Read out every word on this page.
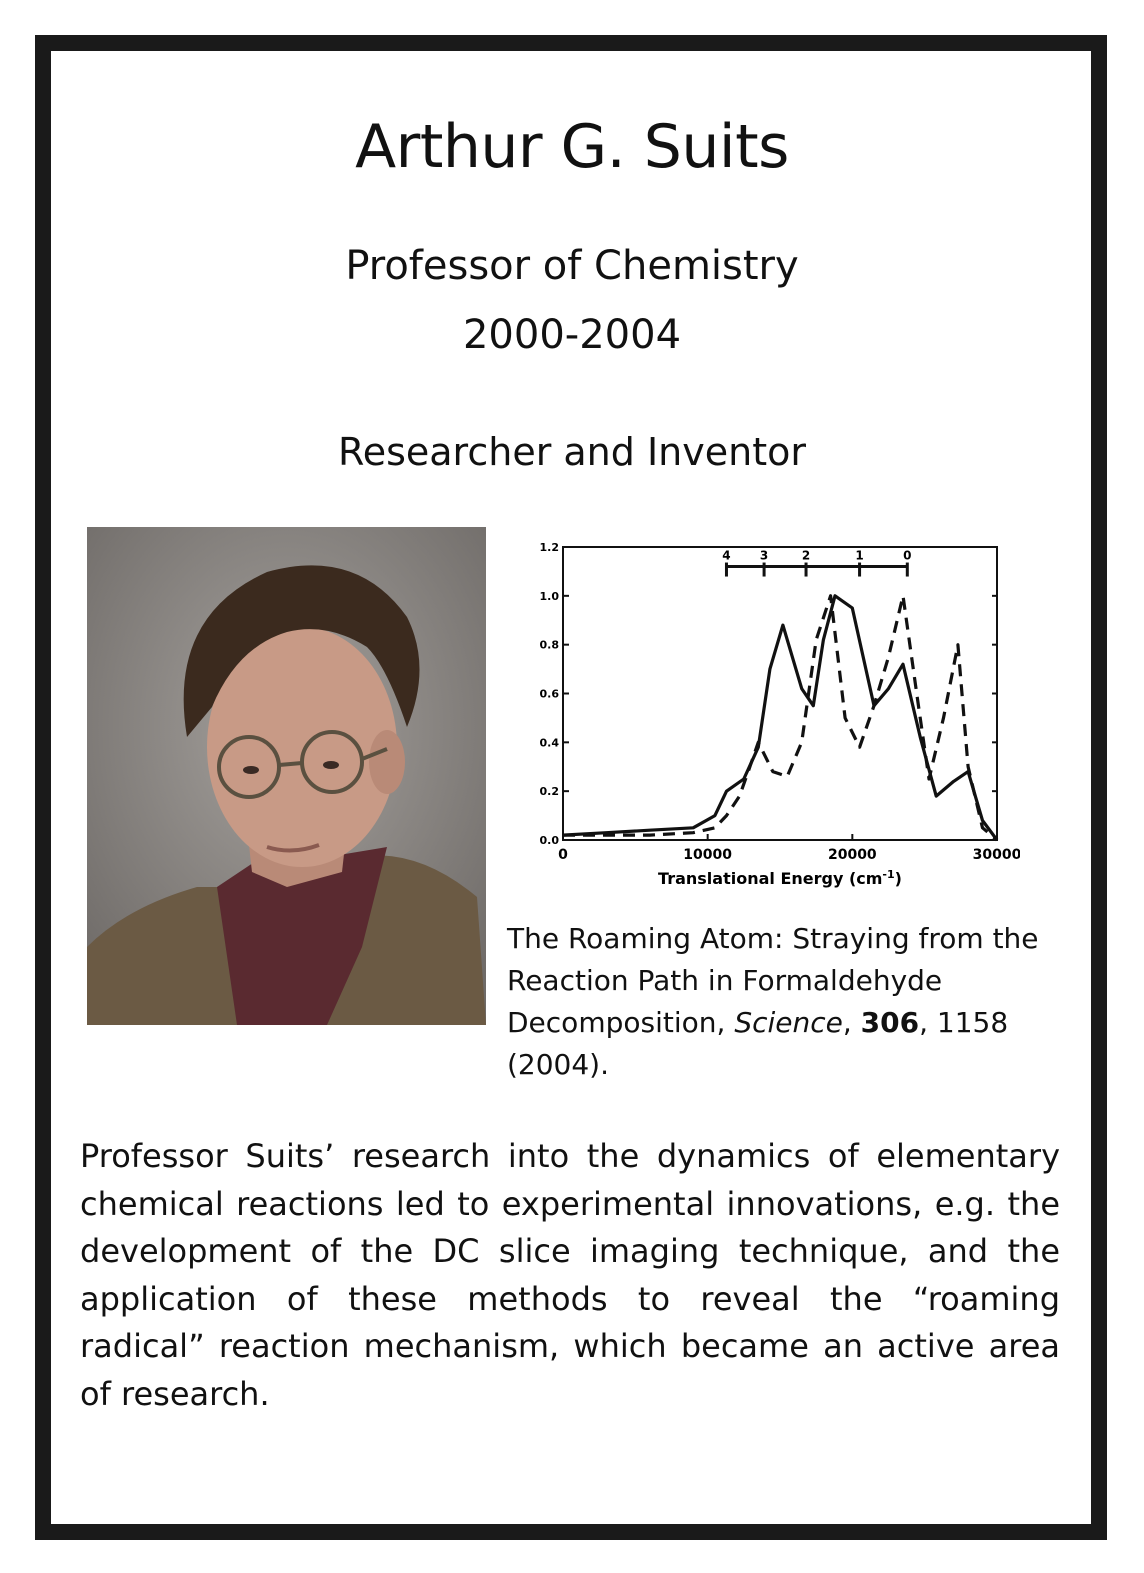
Arthur G. Suits
Professor of Chemistry
2000-2004
Researcher and Inventor
0.0
0.2
0.4
0.6
0.8
1.0
1.2
0	10000	20000	30000
4 3	2	1	0
Translational Energy $(cm^{-1})$
The Roaming Atom: Straying from the Reaction Path in Formaldehyde Decomposition, Science, 306, 1158 (2004).
Professor Suits’ research into the dynamics of elementary
chemical reactions led to experimental innovations, e.g. the
development of the DC slice imaging technique, and the
application of these methods to reveal the “roaming
radical” reaction mechanism, which became an active area
of research.
